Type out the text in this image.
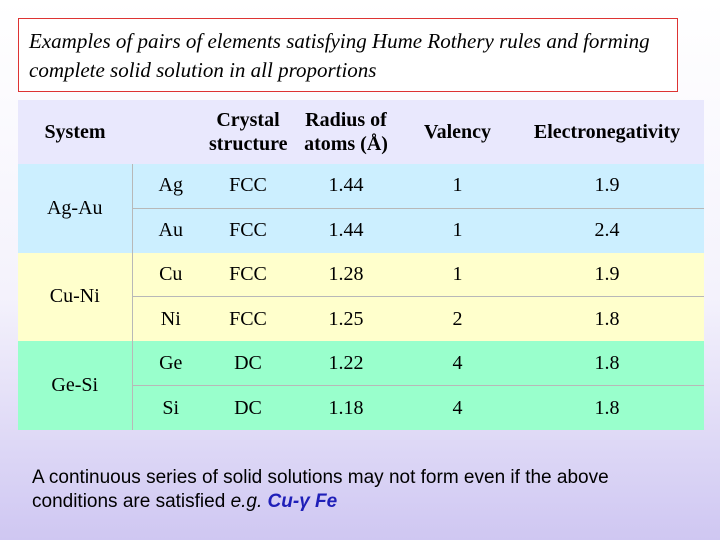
Examples of pairs of elements satisfying Hume Rothery rules and forming complete solid solution in all proportions
System		Crystal structure	Radius of atoms (Å)	Valency	Electronegativity
Ag-Au	Ag	FCC	1.44	1	1.9
	Au	FCC	1.44	1	2.4
Cu-Ni	Cu	FCC	1.28	1	1.9
	Ni	FCC	1.25	2	1.8
Ge-Si	Ge	DC	1.22	4	1.8
	Si	DC	1.18	4	1.8
A continuous series of solid solutions may not form even if the above
conditions are satisfied e.g. Cu-γ Fe
